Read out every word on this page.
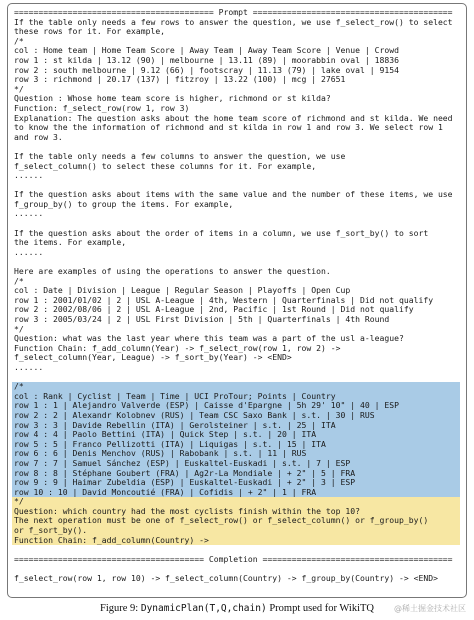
========================================= Prompt =========================================
If the table only needs a few rows to answer the question, we use f_select_row() to select
these rows for it. For example,
/*
col : Home team | Home Team Score | Away Team | Away Team Score | Venue | Crowd
row 1 : st kilda | 13.12 (90) | melbourne | 13.11 (89) | moorabbin oval | 18836
row 2 : south melbourne | 9.12 (66) | footscray | 11.13 (79) | lake oval | 9154
row 3 : richmond | 20.17 (137) | fitzroy | 13.22 (100) | mcg | 27651
*/
Question : Whose home team score is higher, richmond or st kilda?
Function: f_select_row(row 1, row 3)
Explanation: The question asks about the home team score of richmond and st kilda. We need
to know the the information of richmond and st kilda in row 1 and row 3. We select row 1
and row 3.
If the table only needs a few columns to answer the question, we use
f_select_column() to select these columns for it. For example,
......
If the question asks about items with the same value and the number of these items, we use
f_group_by() to group the items. For example,
......
If the question asks about the order of items in a column, we use f_sort_by() to sort
the items. For example,
......
Here are examples of using the operations to answer the question.
/*
col : Date | Division | League | Regular Season | Playoffs | Open Cup
row 1 : 2001/01/02 | 2 | USL A-League | 4th, Western | Quarterfinals | Did not qualify
row 2 : 2002/08/06 | 2 | USL A-League | 2nd, Pacific | 1st Round | Did not qualify
row 3 : 2005/03/24 | 2 | USL First Division | 5th | Quarterfinals | 4th Round
*/
Question: what was the last year where this team was a part of the usl a-league?
Function Chain: f_add_column(Year) -> f_select_row(row 1, row 2) ->
f_select_column(Year, League) -> f_sort_by(Year) -> <END>
......
/*
col : Rank | Cyclist | Team | Time | UCI ProTour; Points | Country
row 1 : 1 | Alejandro Valverde (ESP) | Caisse d'Epargne | 5h 29' 10" | 40 | ESP
row 2 : 2 | Alexandr Kolobnev (RUS) | Team CSC Saxo Bank | s.t. | 30 | RUS
row 3 : 3 | Davide Rebellin (ITA) | Gerolsteiner | s.t. | 25 | ITA
row 4 : 4 | Paolo Bettini (ITA) | Quick Step | s.t. | 20 | ITA
row 5 : 5 | Franco Pellizotti (ITA) | Liquigas | s.t. | 15 | ITA
row 6 : 6 | Denis Menchov (RUS) | Rabobank | s.t. | 11 | RUS
row 7 : 7 | Samuel Sánchez (ESP) | Euskaltel-Euskadi | s.t. | 7 | ESP
row 8 : 8 | Stéphane Goubert (FRA) | Ag2r-La Mondiale | + 2" | 5 | FRA
row 9 : 9 | Haimar Zubeldia (ESP) | Euskaltel-Euskadi | + 2" | 3 | ESP
row 10 : 10 | David Moncoutié (FRA) | Cofidis | + 2" | 1 | FRA
*/
Question: which country had the most cyclists finish within the top 10?
The next operation must be one of f_select_row() or f_select_column() or f_group_by()
or f_sort_by().
Function Chain: f_add_column(Country) ->
======================================= Completion =======================================
f_select_row(row 1, row 10) -> f_select_column(Country) -> f_group_by(Country) -> <END>
Figure 9: DynamicPlan(T,Q,chain) Prompt used for WikiTQ	@稀土掘金技术社区
